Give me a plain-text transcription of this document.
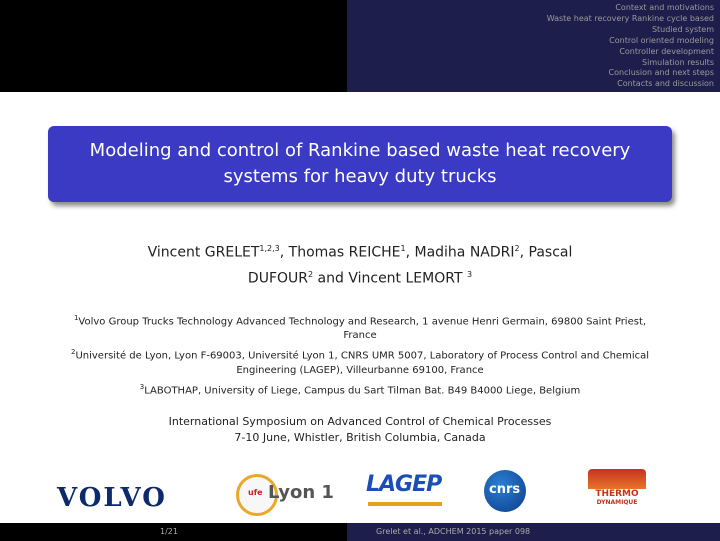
Context and motivations
Waste heat recovery Rankine cycle based
Studied system
Control oriented modeling
Controller development
Simulation results
Conclusion and next steps
Contacts and discussion
Modeling and control of Rankine based waste heat recovery systems for heavy duty trucks
Vincent GRELET$^{1,2,3}$, Thomas REICHE$^1$, Madiha NADRI$^2$, Pascal
DUFOUR$^2$ and Vincent LEMORT $^3$
$^1$Volvo Group Trucks Technology Advanced Technology and Research, 1 avenue Henri Germain, 69800 Saint Priest, France
$^2$Université de Lyon, Lyon F-69003, Université Lyon 1, CNRS UMR 5007, Laboratory of Process Control and Chemical Engineering (LAGEP), Villeurbanne 69100, France
$^3$LABOTHAP, University of Liege, Campus du Sart Tilman Bat. B49 B4000 Liege, Belgium
International Symposium on Advanced Control of Chemical Processes
7-10 June, Whistler, British Columbia, Canada
VOLVO	ufe Lyon 1 LAGEP	cnrs	THERMO
DYNAMIQUE
1/21	Grelet et al., ADCHEM 2015 paper 098
